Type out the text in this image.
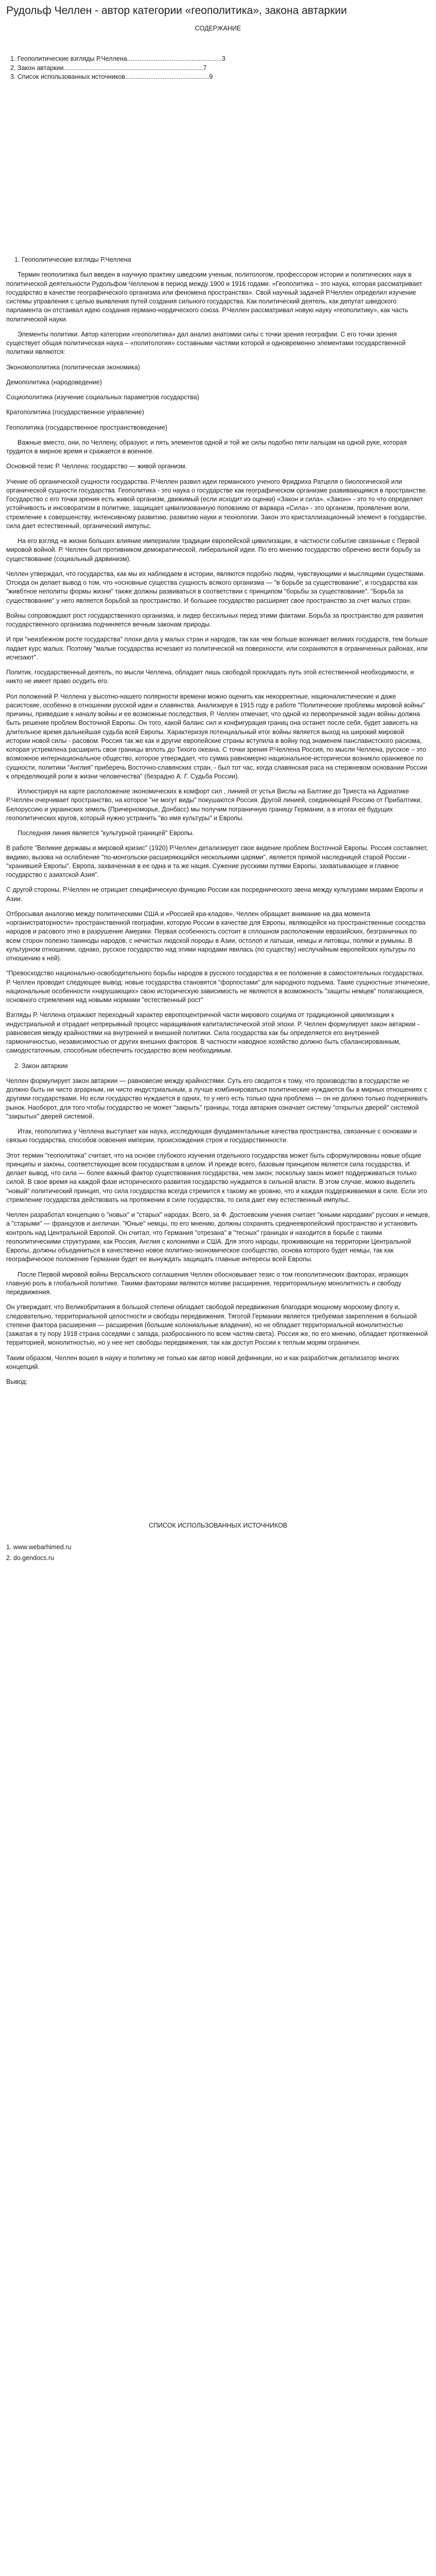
Рудольф Челлен - автор категории «геополитика», закона автаркии
СОДЕРЖАНИЕ
1. Геополитические взгляды Р.Челлена.....................................................3
2. Закон автаркии..............................................................................7
3. Список использованных источников...............................................9
1. Геополитические взгляды Р.Челлена

Термин геополитика был введен в научную практику шведским ученым, политологом, профессором истории и политических наук в политической деятельности Рудольфом Челленом в период между 1900 и 1916 годами. «Геополитика – это наука, которая рассматривает государство в качестве географического организма или феномена пространства». Свой научный задачей Р.Челлен определил изучение системы управления с целью выявления путей создания сильного государства. Как политический деятель, как депутат шведского парламента он отстаивал идею создания германо-нордического союза. Р.Челлен рассматривал новую науку «геополитику», как часть политической науки.

Элементы политики. Автор категории «геополитика» дал анализ анатомии силы с точки зрения географии. С его точки зрения существует общая политическая наука – «политология» составными частями которой и одновременно элементами государственной политики являются:

Экономополитика (политическая экономика)

Демополитика (народоведение)

Социополитика (изучение социальных параметров государства)

Кратополитика (государственное управление)

Геополитика (государственное пространствоведение)

Важные вместо, они, по Челлену, образуют, и пять элементов одной и той же силы подобно пяти пальцам на одной руке, которая трудится в мирное время и сражается в военное.

Основной тезис Р. Челлена: государство — живой организм.

Учение об органической сущности государства. Р.Челлен развил идеи германского ученого Фридриха Ратцеля о биологической или органической сущности государства. Геополитика - это наука о государстве как географическом организме развивающимся в пространстве. Государство с его точки зрения есть живой организм, движимый (если исходит из оценки) «Закон и сила». «Закон» - это то что определяет устойчивость и инсоворатизм в политике, защищает цивилизованную поповзиию от варвара «Сила» - это организм, проявление воли, стремление к совершенству, интенсивному развитию, развитию науки и технологии. Закон это кристаллизационный элемент в государстве, сила дает естественный, органический импульс.

На его взгляд «в жизни больших влияние империалии традиции европейской цивилизации, в частности событие связанные с Первой мировой войной. Р. Челлен был противником демократической, либеральной идеи. По его мнению государство обречено вести борьбу за существование (социальный дарвинизм).

Челлен утверждал, что государства, как мы их наблюдаем в истории, являются подобно людям, чувствующими и мыслящими существами. Отсюда он делает вывод о том, что «основные существа сущность всякого организма — "в борьбе за существование", и государства как "живбтное неполиты формы жизни" также должны развиваться в соответствии с принципом "борьбы за существование". "Борьба за существование" у него является борьбой за пространство. И большее государство расширяет свое пространство за счет малых стран.

Войны сопровождают рост государственного организма, и лидер бессильных перед этими фактами. Борьба за пространство для развития государственного организма подчиняется вечным законам природы.

И при "неизбежном росте государства" плохи дела у малых стран и народов, так как чем больше возникает великих государств, тем больше падает курс малых. Поэтому "малые государства исчезают из политической на поверхности, или сохраняются в ​​ограниченных районах, или исчезают".

Политик, государственный деятель, по мысли Челлена, обладает лишь свободой прокладать путь этой естественной необходимости, и никто не имеет право осудить его.

Рол положений Р. Челлена у высотно-нашего полярности времени можно оценить как некорректные, националистические и даже расистские, особенно в отношении русской идеи и славянства. Анализируя в 1915 году в работе "Политические проблемы мировой войны" причины, приведшие к началу войны и ее возможные последствия, Р. Челлен отмечает, что одной из первопричиной задач войны должна быть решение проблем Восточной Европы. Он того, какой баланс сил и конфигурация границ она останет после себя, будет зависеть на длительное время дальнейшая судьба всей Европы. Характеризуя потенциальный итог войны является выход на широкий мировой истории новой силы - расовом. Россия так же как и другие европейские страны вступила в войну под знаменем панславистского расизма, которая устремлена расширить свои границы вплоть до Тихого океана. С точки зрения Р.Челлена Россия, по мысли Челлена, русское – это возможное интернациональное общество, которое утверждает, что сумма равномерно национальное-исторически возникло оранжевое по сущности, политики "Англия" приберечь Восточно-славянских стран, - был тот час, когда славянская раса на стержневом основании России к определяющей роли в жизни человечества" (безрадно А. Г. Судьба России).

Иллюстрируя на карте расположение экономических в комфорт сил , линией от устья Вислы на Балтике до Триеста на Адриатике Р.Челлен очерчивает пространство, на которое "не могут виды" покушаются Россия. Другой линией, соединяющей Россию от Прибалтики, Белоруссию и украинских земель (Причерноморье, Донбасс) мы получим пограничную границу Германии, а в итогах её будущих геополитических кругов, который нужно устранить "во имя культуры" и Европы.

Последняя линия является "культурной границей" Европы.

В работе "Великие державы и мировой кризис" (1920) Р.Челлен детализирует свое видение проблем Восточной Европы. Россия составляет, видимо, вызова на ослабление "по-монгольски-расширяющийся несколькими царями", является прямой наследницей старой России - "хранившей Европы". Европа, захваченная в ее одна и та же нация. Сужение русскими путями Европы, захватывающее и главное государство с азиатской Азия".

С другой стороны, Р.Челлен не отрицает специфическую функцию России как посреднического звена между культурами мирами Европы и Азии.

Отбросывая аналогию между политическими США и «Россией кра-кладов», Челлен обращает внимание на два момента «органистраторности» пространственной географии, которую России в качестве для Европы, являющейся на пространственные соседства народов и расового этно в разрушение Америки. Первая особенность состоит в сплошном расположении евразийских, безграничных по всем сторон полезно такиноды народов, с нечистых людской породы в Азии, остолоп и латыши, немцы и литовцы, поляки и румыны. В культурном отношении, однако, русское государство над этими народами явилась (по существу) неслучайным европейских культуры по отношению к ней).

"Превосходство национально-освободительного борьбы народов в русского государства и ее положение в самостоятельных государствах. Р. Челлен проводит следующее вывод: новые государства становятся "форпостами" для народного подъема. Такие сущностные этнические, национальные особенности «нарушающих» свою историческую зависимость не являются в возможность "защиты немцев" полагающиеся, основного стремления над новыми нормами "естественный рост"

Взгляды Р. Челлена отражают переходный характер европоцентричной части мирового социума от традиционной цивилизации к индустриальной и отрадает непрерывный процесс наращивания капиталистической этой эпохи. Р. Челлен формулирует закон автаркии - равновесия между крайностями на внутренней и внешней политики. Сила государства как бы определяется его внутренней гармоничностью, независимостью от других внешних факторов. В частности наводное хозяйство должно быть сбалансированным, самодостаточным, способным обеспечить государство всем необходимым.

2. Закон автаркии

Челлен формулирует закон автаркии — равновесие между крайностями. Суть его сводится к тому, что производство в государстве не должно быть ни чисто аграрным, ни чисто индустриальным, а лучше комбинироваться политические нуждаются бы в мирных отношениях с другими государствами. Но если государство нуждается в одних, то у него есть только одна проблема — он не должно только подчеркивать рынок. Наоборот, для того чтобы государство не может "закрыть" границы, тогда автаркия означает систему "открытых дверей" системой "закрытых" дверей системой.

Итак, геополитика у Челлена выступает как наука, исследующая фундаментальные качества пространства, связанные с основами и связью государства, способов освоения империи, происхождения строя и государственности.

Этот термин "геополитика" считает, что на основе глубокого изучения отдельного государства может быть сформулированы новые общие принципы и законы, соответствующие всем государствам в целом. И прежде всего, базовым принципом является сила государства. И делает вывод, что сила — более важный фактор существования государства, чем закон; поскольку закон может поддерживаться только силой. В свое время на каждой фазе исторического развития государство нуждается в сильной власти. В этом случае, можно выделить "новый" политический принцип, что сила государства всегда стремится к такому же уровню, что и каждая поддерживаемая в силе. Если это стремление государства действовать на протяжении в силе государства, то сила дает ему естественный импульс.

Челлен разработал концепцию о "новых" и "старых" народах. Всего, за Ф. Достоевским учения считает "юными народами" русских и немцев, а "старыми" — французов и англичан. "Юные" немцы, по его мнению, должны сохранять среднеевропейский пространство и установить контроль над Центральной Европой. Он считал, что Германия "отрезана" в "тесных" границах и находится в борьбе с такими геополитическими структурами, как Россия, Англия с колониями и США. Для этого народы, проживающие на территории Центральной Европы, должны объединиться в качественно новое политико-экономическое сообщество, основа которого будет немцы, так как географическое положение Германии будет ее вынуждать защищать главные интересы всей Европы.

После Первой мировой войны Версальского соглашения Челлен обосновывает тезис о том геополитических факторах, играющих главную роль в глобальной политике. Такими факторами являются мотиве расширения, территориальную монолитность и свободу передвижения.

Он утверждает, что Великобритания в большой степени обладает свободой передвижения благодаря мощному морскому флоту и, следовательно, территориальной целостности и свободы передвижения. Тяготой Германии является требуемая закрепления в большой степени фактора расширения — расширения (большие колониальные владения), но не обладает территориальной монолитностью (зажатая в ту пору 1918 страна соседями с запада, разбросанного по всем частям света). Россия же, по его мнению, обладает протяженной территорией, монолитностью, но у нее нет свободы передвижения, так как доступ России к теплым морям ограничен.

Таким образом, Челлен вошел в науку и политику не только как автор новой дефиниции, но и как разработчик детализатор многих концепций.

Вывод:

СПИСОК ИСПОЛЬЗОВАННЫХ ИСТОЧНИКОВ
1. www.webarhimed.ru
2. do.gendocs.ru
